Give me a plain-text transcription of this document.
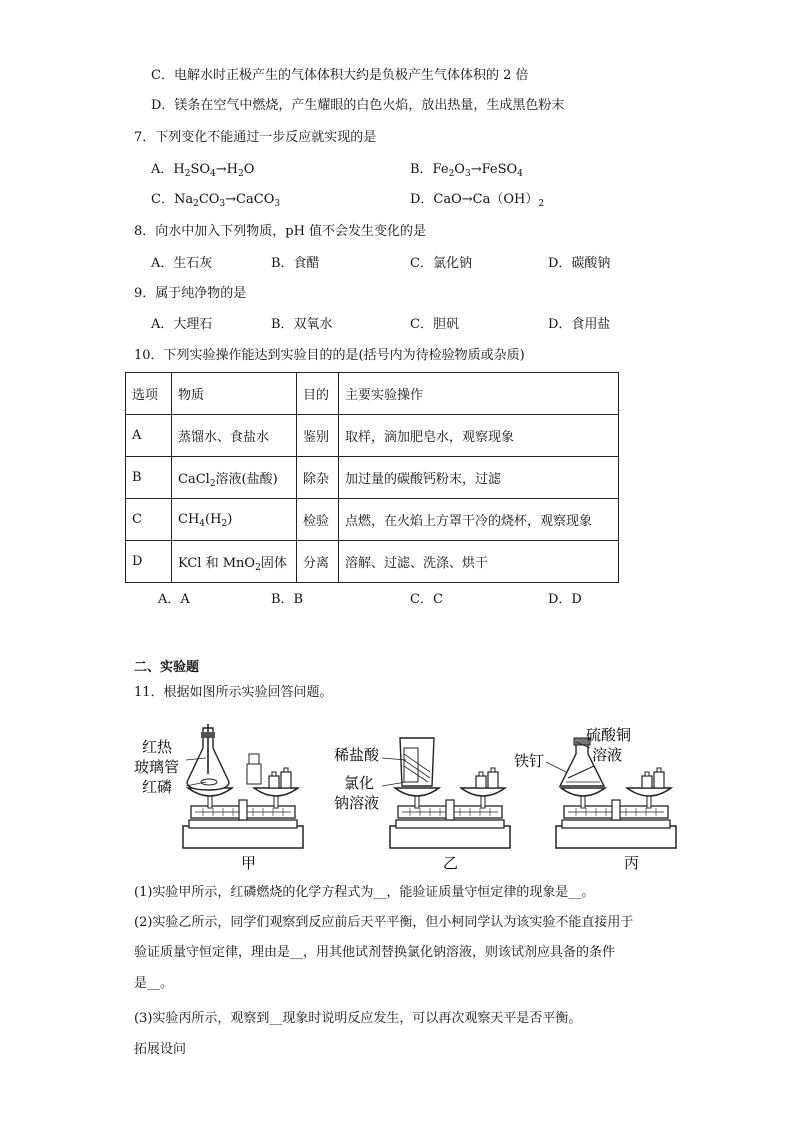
C．电解水时正极产生的气体体积大约是负极产生气体体积的 2 倍
D．镁条在空气中燃烧，产生耀眼的白色火焰，放出热量，生成黑色粉末
7．下列变化不能通过一步反应就实现的是
A．$H_2SO_4\to H_2O$	B．$Fe_2O_3\to FeSO_4$
C．$Na_2CO_3\to CaCO_3$	D．$CaO\to Ca(OH)_2$
8．向水中加入下列物质，pH 值不会发生变化的是
A．生石灰	B．食醋	C．氯化钠	D．碳酸钠
9．属于纯净物的是
A．大理石	B．双氧水	C．胆矾	D．食用盐
10．下列实验操作能达到实验目的的是(括号内为待检验物质或杂质)
选项	物质	目的	主要实验操作
A	蒸馏水、食盐水	鉴别	取样，滴加肥皂水，观察现象
B	CaCl$_2$溶液(盐酸)	除杂	加过量的碳酸钙粉末，过滤
C	$CH_4(H_2)$	检验	点燃，在火焰上方罩干冷的烧杯，观察现象
D	KCl 和 MnO$_2$固体	分离	溶解、过滤、洗涤、烘干
A．A	B．B	C．C	D．D
二、实验题
11．根据如图所示实验回答问题。
红热
玻璃管
红磷
甲
稀盐酸
氯化
钠溶液
乙
硫酸铜
溶液
铁钉
丙
(1)实验甲所示，红磷燃烧的化学方程式为__，能验证质量守恒定律的现象是__。
(2)实验乙所示，同学们观察到反应前后天平平衡，但小柯同学认为该实验不能直接用于
验证质量守恒定律，理由是__，用其他试剂替换氯化钠溶液，则该试剂应具备的条件
是__。
(3)实验丙所示，观察到__现象时说明反应发生，可以再次观察天平是否平衡。
拓展设问
